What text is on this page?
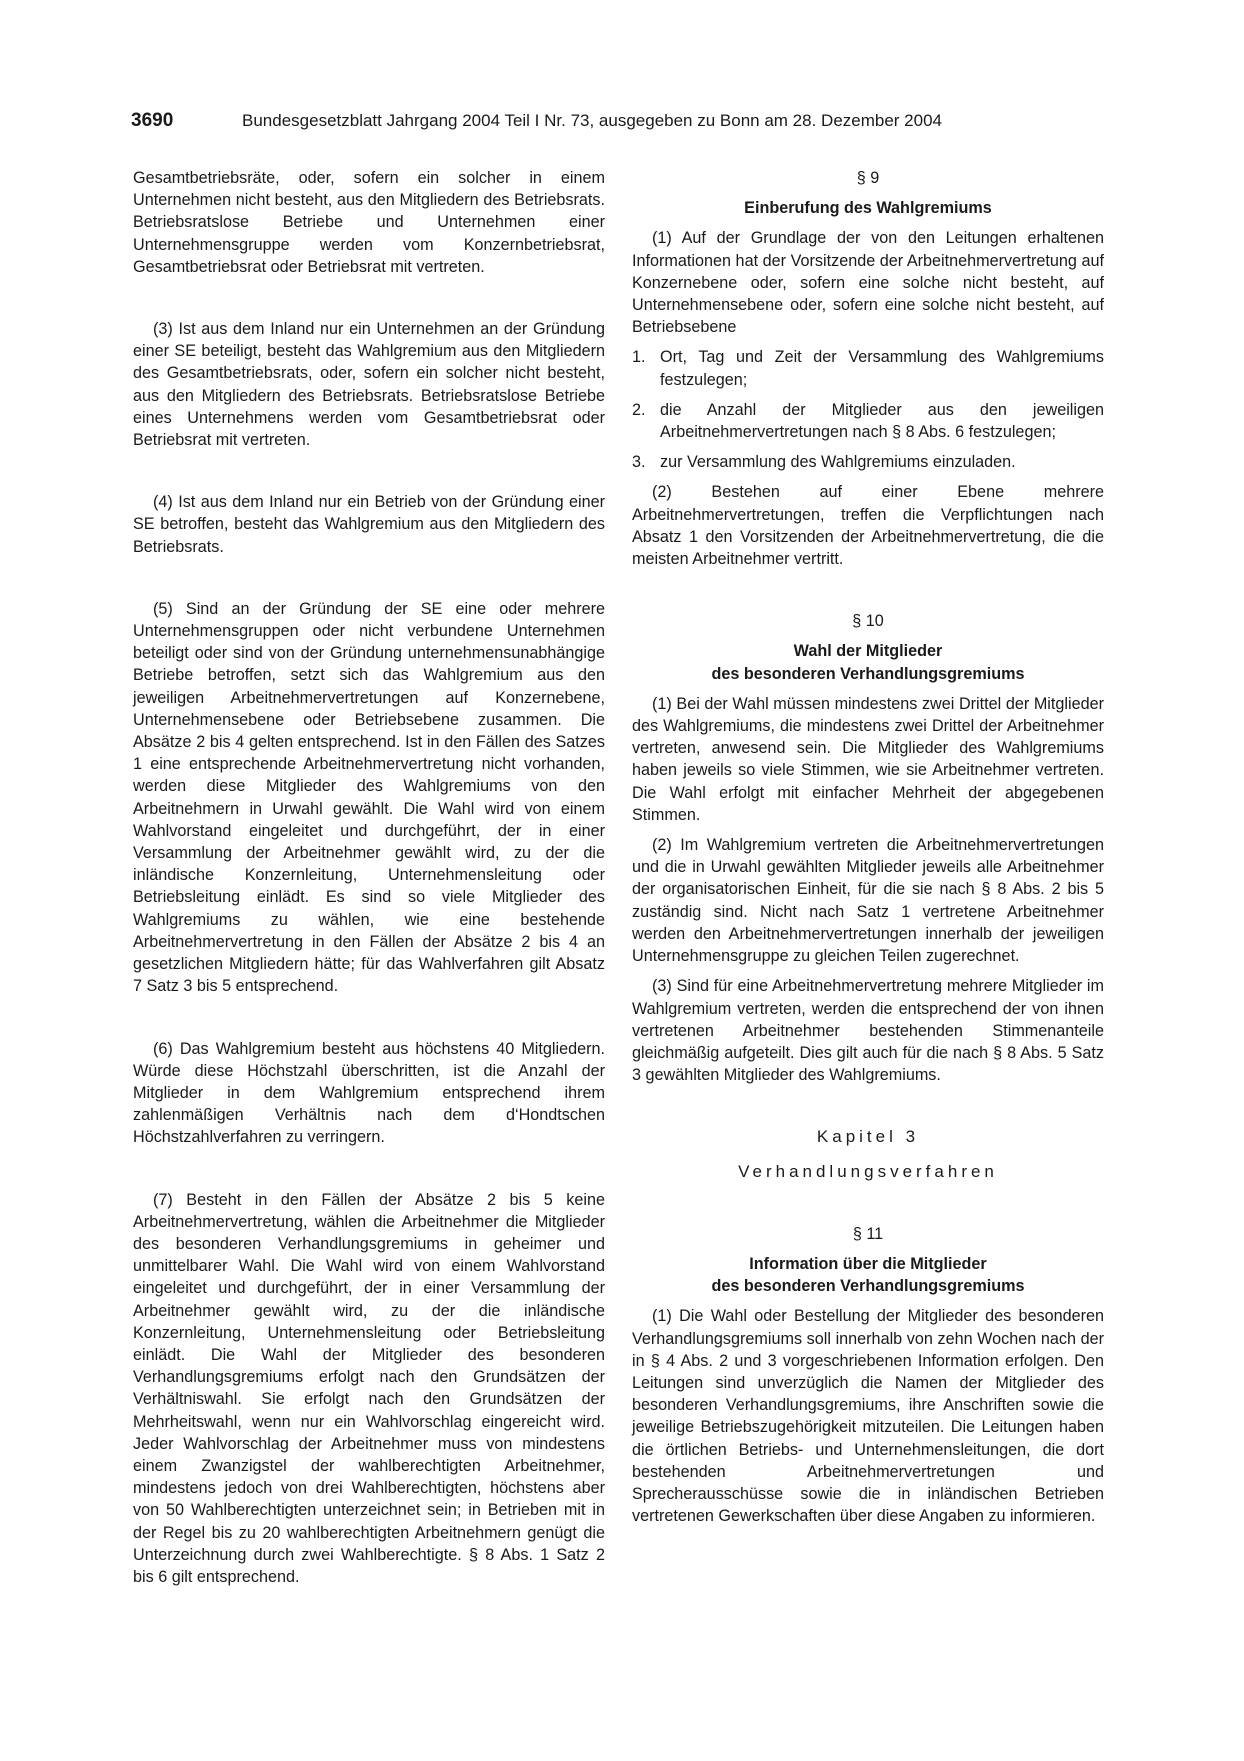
3690	Bundesgesetzblatt Jahrgang 2004 Teil I Nr. 73, ausgegeben zu Bonn am 28. Dezember 2004

Gesamtbetriebsräte, oder, sofern ein solcher in einem Unternehmen nicht besteht, aus den Mitgliedern des Betriebsrats. Betriebsratslose Betriebe und Unternehmen einer Unternehmensgruppe werden vom Konzernbetriebsrat, Gesamtbetriebsrat oder Betriebsrat mit vertreten.

(3) Ist aus dem Inland nur ein Unternehmen an der Gründung einer SE beteiligt, besteht das Wahlgremium aus den Mitgliedern des Gesamtbetriebsrats, oder, sofern ein solcher nicht besteht, aus den Mitgliedern des Betriebsrats. Betriebsratslose Betriebe eines Unternehmens werden vom Gesamtbetriebsrat oder Betriebsrat mit vertreten.

(4) Ist aus dem Inland nur ein Betrieb von der Gründung einer SE betroffen, besteht das Wahlgremium aus den Mitgliedern des Betriebsrats.

(5) Sind an der Gründung der SE eine oder mehrere Unternehmensgruppen oder nicht verbundene Unternehmen beteiligt oder sind von der Gründung unternehmensunabhängige Betriebe betroffen, setzt sich das Wahlgremium aus den jeweiligen Arbeitnehmervertretungen auf Konzernebene, Unternehmensebene oder Betriebsebene zusammen. Die Absätze 2 bis 4 gelten entsprechend. Ist in den Fällen des Satzes 1 eine entsprechende Arbeitnehmervertretung nicht vorhanden, werden diese Mitglieder des Wahlgremiums von den Arbeitnehmern in Urwahl gewählt. Die Wahl wird von einem Wahlvorstand eingeleitet und durchgeführt, der in einer Versammlung der Arbeitnehmer gewählt wird, zu der die inländische Konzernleitung, Unternehmensleitung oder Betriebsleitung einlädt. Es sind so viele Mitglieder des Wahlgremiums zu wählen, wie eine bestehende Arbeitnehmervertretung in den Fällen der Absätze 2 bis 4 an gesetzlichen Mitgliedern hätte; für das Wahlverfahren gilt Absatz 7 Satz 3 bis 5 entsprechend.

(6) Das Wahlgremium besteht aus höchstens 40 Mitgliedern. Würde diese Höchstzahl überschritten, ist die Anzahl der Mitglieder in dem Wahlgremium entsprechend ihrem zahlenmäßigen Verhältnis nach dem d‘Hondtschen Höchstzahlverfahren zu verringern.

(7) Besteht in den Fällen der Absätze 2 bis 5 keine Arbeitnehmervertretung, wählen die Arbeitnehmer die Mitglieder des besonderen Verhandlungsgremiums in geheimer und unmittelbarer Wahl. Die Wahl wird von einem Wahlvorstand eingeleitet und durchgeführt, der in einer Versammlung der Arbeitnehmer gewählt wird, zu der die inländische Konzernleitung, Unternehmensleitung oder Betriebsleitung einlädt. Die Wahl der Mitglieder des besonderen Verhandlungsgremiums erfolgt nach den Grundsätzen der Verhältniswahl. Sie erfolgt nach den Grundsätzen der Mehrheitswahl, wenn nur ein Wahlvorschlag eingereicht wird. Jeder Wahlvorschlag der Arbeitnehmer muss von mindestens einem Zwanzigstel der wahlberechtigten Arbeitnehmer, mindestens jedoch von drei Wahlberechtigten, höchstens aber von 50 Wahlberechtigten unterzeichnet sein; in Betrieben mit in der Regel bis zu 20 wahlberechtigten Arbeitnehmern genügt die Unterzeichnung durch zwei Wahlberechtigte. § 8 Abs. 1 Satz 2 bis 6 gilt entsprechend.

§ 9

Einberufung des Wahlgremiums

(1) Auf der Grundlage der von den Leitungen erhaltenen Informationen hat der Vorsitzende der Arbeitnehmervertretung auf Konzernebene oder, sofern eine solche nicht besteht, auf Unternehmensebene oder, sofern eine solche nicht besteht, auf Betriebsebene

1. Ort, Tag und Zeit der Versammlung des Wahlgremiums festzulegen;
2. die Anzahl der Mitglieder aus den jeweiligen Arbeitnehmervertretungen nach § 8 Abs. 6 festzulegen;
3. zur Versammlung des Wahlgremiums einzuladen.

(2) Bestehen auf einer Ebene mehrere Arbeitnehmervertretungen, treffen die Verpflichtungen nach Absatz 1 den Vorsitzenden der Arbeitnehmervertretung, die die meisten Arbeitnehmer vertritt.

§ 10

Wahl der Mitglieder

des besonderen Verhandlungsgremiums

(1) Bei der Wahl müssen mindestens zwei Drittel der Mitglieder des Wahlgremiums, die mindestens zwei Drittel der Arbeitnehmer vertreten, anwesend sein. Die Mitglieder des Wahlgremiums haben jeweils so viele Stimmen, wie sie Arbeitnehmer vertreten. Die Wahl erfolgt mit einfacher Mehrheit der abgegebenen Stimmen.

(2) Im Wahlgremium vertreten die Arbeitnehmervertretungen und die in Urwahl gewählten Mitglieder jeweils alle Arbeitnehmer der organisatorischen Einheit, für die sie nach § 8 Abs. 2 bis 5 zuständig sind. Nicht nach Satz 1 vertretene Arbeitnehmer werden den Arbeitnehmervertretungen innerhalb der jeweiligen Unternehmensgruppe zu gleichen Teilen zugerechnet.

(3) Sind für eine Arbeitnehmervertretung mehrere Mitglieder im Wahlgremium vertreten, werden die entsprechend der von ihnen vertretenen Arbeitnehmer bestehenden Stimmenanteile gleichmäßig aufgeteilt. Dies gilt auch für die nach § 8 Abs. 5 Satz 3 gewählten Mitglieder des Wahlgremiums.

Kapitel 3

Verhandlungsverfahren

§ 11

Information über die Mitglieder

des besonderen Verhandlungsgremiums

(1) Die Wahl oder Bestellung der Mitglieder des besonderen Verhandlungsgremiums soll innerhalb von zehn Wochen nach der in § 4 Abs. 2 und 3 vorgeschriebenen Information erfolgen. Den Leitungen sind unverzüglich die Namen der Mitglieder des besonderen Verhandlungsgremiums, ihre Anschriften sowie die jeweilige Betriebszugehörigkeit mitzuteilen. Die Leitungen haben die örtlichen Betriebs- und Unternehmensleitungen, die dort bestehenden Arbeitnehmervertretungen und Sprecherausschüsse sowie die in inländischen Betrieben vertretenen Gewerkschaften über diese Angaben zu informieren.
